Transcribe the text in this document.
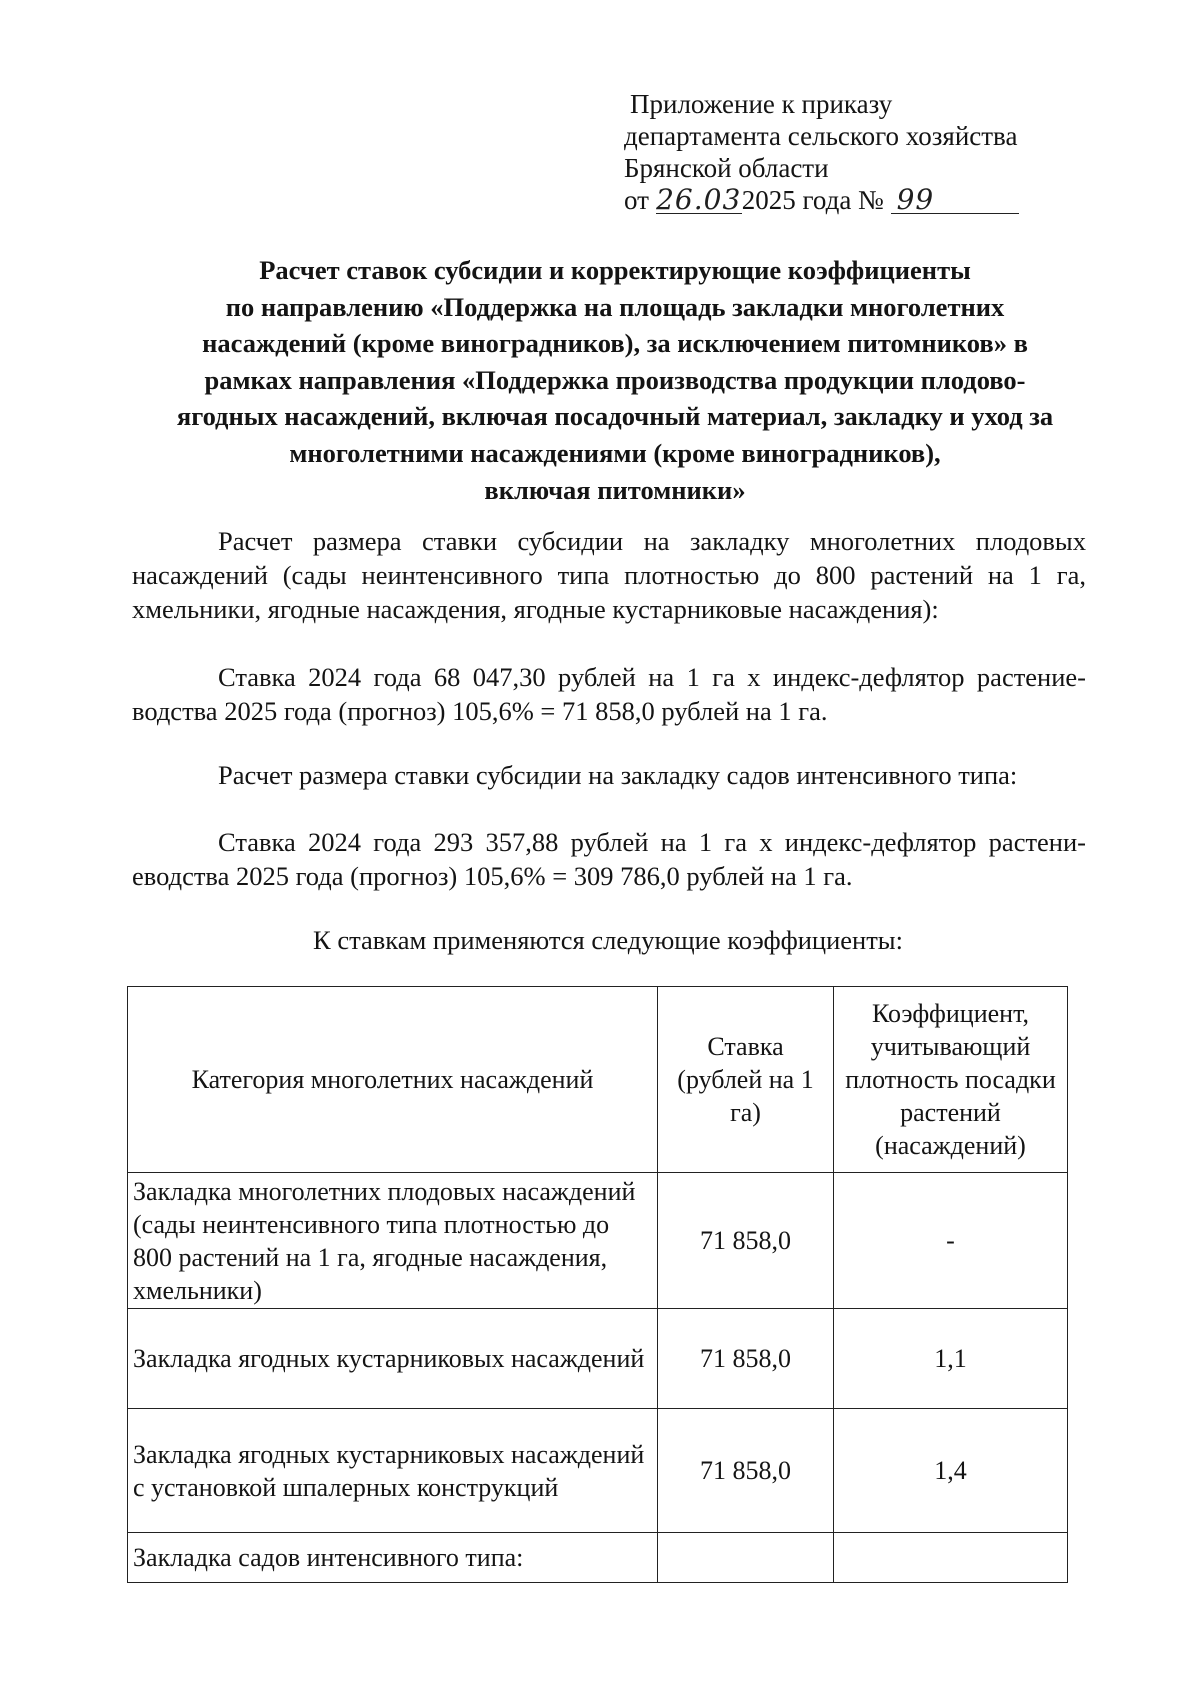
Приложение к приказу
департамента сельского хозяйства
Брянской области
от 26.032025 года № 99
Расчет ставок субсидии и корректирующие коэффициенты
по направлению «Поддержка на площадь закладки многолетних
насаждений (кроме виноградников), за исключением питомников» в
рамках направления «Поддержка производства продукции плодово-
ягодных насаждений, включая посадочный материал, закладку и уход за
многолетними насаждениями (кроме виноградников),
включая питомники»
Расчет размера ставки субсидии на закладку многолетних плодовых насаждений (сады неинтенсивного типа плотностью до 800 растений на 1 га, хмельники, ягодные насаждения, ягодные кустарниковые насаждения):
Ставка 2024 года 68 047,30 рублей на 1 га х индекс-дефлятор растение-водства 2025 года (прогноз) 105,6% = 71 858,0 рублей на 1 га.
Расчет размера ставки субсидии на закладку садов интенсивного типа:
Ставка 2024 года 293 357,88 рублей на 1 га х индекс-дефлятор растени-еводства 2025 года (прогноз) 105,6% = 309 786,0 рублей на 1 га.
К ставкам применяются следующие коэффициенты:
Категория многолетних насаждений	Ставка (рублей на 1 га)	Коэффициент, учитывающий плотность посадки растений (насаждений)
Закладка многолетних плодовых насаждений (сады неинтенсивного типа плотностью до 800 растений на 1 га, ягодные насаждения, хмельники)	71 858,0	-
Закладка ягодных кустарниковых насаждений	71 858,0	1,1
Закладка ягодных кустарниковых насаждений с установкой шпалерных конструкций	71 858,0	1,4
Закладка садов интенсивного типа:		
